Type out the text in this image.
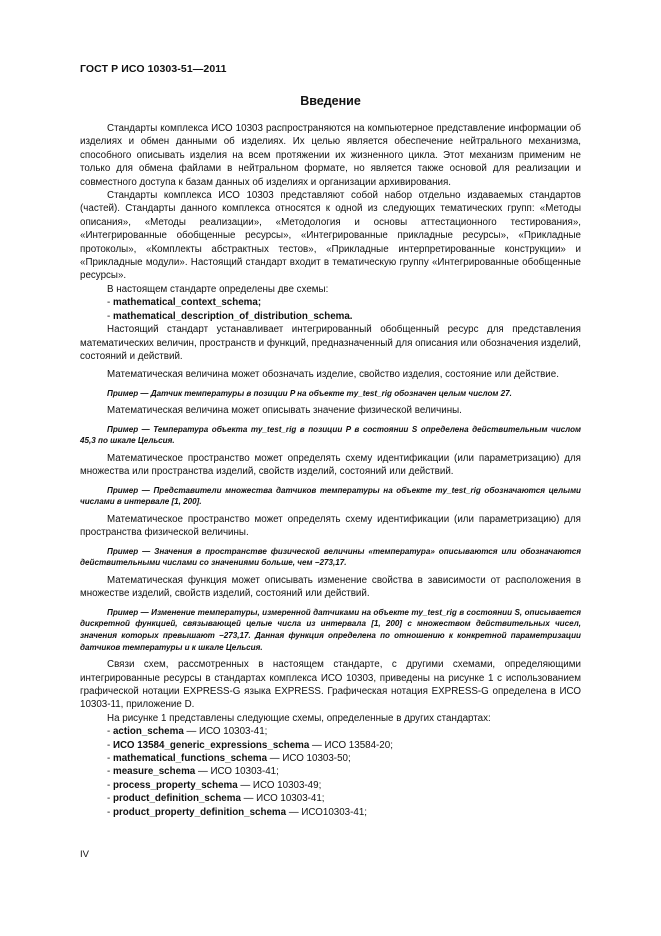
ГОСТ Р ИСО 10303-51—2011
Введение

Стандарты комплекса ИСО 10303 распространяются на компьютерное представление информации об изделиях и обмен данными об изделиях. Их целью является обеспечение нейтрального механизма, способного описывать изделия на всем протяжении их жизненного цикла. Этот механизм применим не только для обмена файлами в нейтральном формате, но является также основой для реализации и совместного доступа к базам данных об изделиях и организации архивирования.

Стандарты комплекса ИСО 10303 представляют собой набор отдельно издаваемых стандартов (частей). Стандарты данного комплекса относятся к одной из следующих тематических групп: «Методы описания», «Методы реализации», «Методология и основы аттестационного тестирования», «Интегрированные обобщенные ресурсы», «Интегрированные прикладные ресурсы», «Прикладные протоколы», «Комплекты абстрактных тестов», «Прикладные интерпретированные конструкции» и «Прикладные модули». Настоящий стандарт входит в тематическую группу «Интегрированные обобщенные ресурсы».

В настоящем стандарте определены две схемы:

- mathematical_context_schema;

- mathematical_description_of_distribution_schema.

Настоящий стандарт устанавливает интегрированный обобщенный ресурс для представления математических величин, пространств и функций, предназначенный для описания или обозначения изделий, состояний и действий.

Математическая величина может обозначать изделие, свойство изделия, состояние или действие.

Пример — Датчик температуры в позиции P на объекте my_test_rig обозначен целым числом 27.

Математическая величина может описывать значение физической величины.

Пример — Температура объекта my_test_rig в позиции P в состоянии S определена действительным числом 45,3 по шкале Цельсия.

Математическое пространство может определять схему идентификации (или параметризацию) для множества или пространства изделий, свойств изделий, состояний или действий.

Пример — Представители множества датчиков температуры на объекте my_test_rig обозначаются целыми числами в интервале [1, 200].

Математическое пространство может определять схему идентификации (или параметризацию) для пространства физической величины.

Пример — Значения в пространстве физической величины «температура» описываются или обозначаются действительными числами со значениями больше, чем −273,17.

Математическая функция может описывать изменение свойства в зависимости от расположения в множестве изделий, свойств изделий, состояний или действий.

Пример — Изменение температуры, измеренной датчиками на объекте my_test_rig в состоянии S, описывается дискретной функцией, связывающей целые числа из интервала [1, 200] с множеством действительных чисел, значения которых превышают −273,17. Данная функция определена по отношению к конкретной параметризации датчиков температуры и к шкале Цельсия.

Связи схем, рассмотренных в настоящем стандарте, с другими схемами, определяющими интегрированные ресурсы в стандартах комплекса ИСО 10303, приведены на рисунке 1 с использованием графической нотации EXPRESS-G языка EXPRESS. Графическая нотация EXPRESS-G определена в ИСО 10303-11, приложение D.

На рисунке 1 представлены следующие схемы, определенные в других стандартах:

- action_schema — ИСО 10303-41;

- ИСО 13584_generic_expressions_schema — ИСО 13584-20;

- mathematical_functions_schema — ИСО 10303-50;

- measure_schema — ИСО 10303-41;

- process_property_schema — ИСО 10303-49;

- product_definition_schema — ИСО 10303-41;

- product_property_definition_schema — ИСО10303-41;

IV
